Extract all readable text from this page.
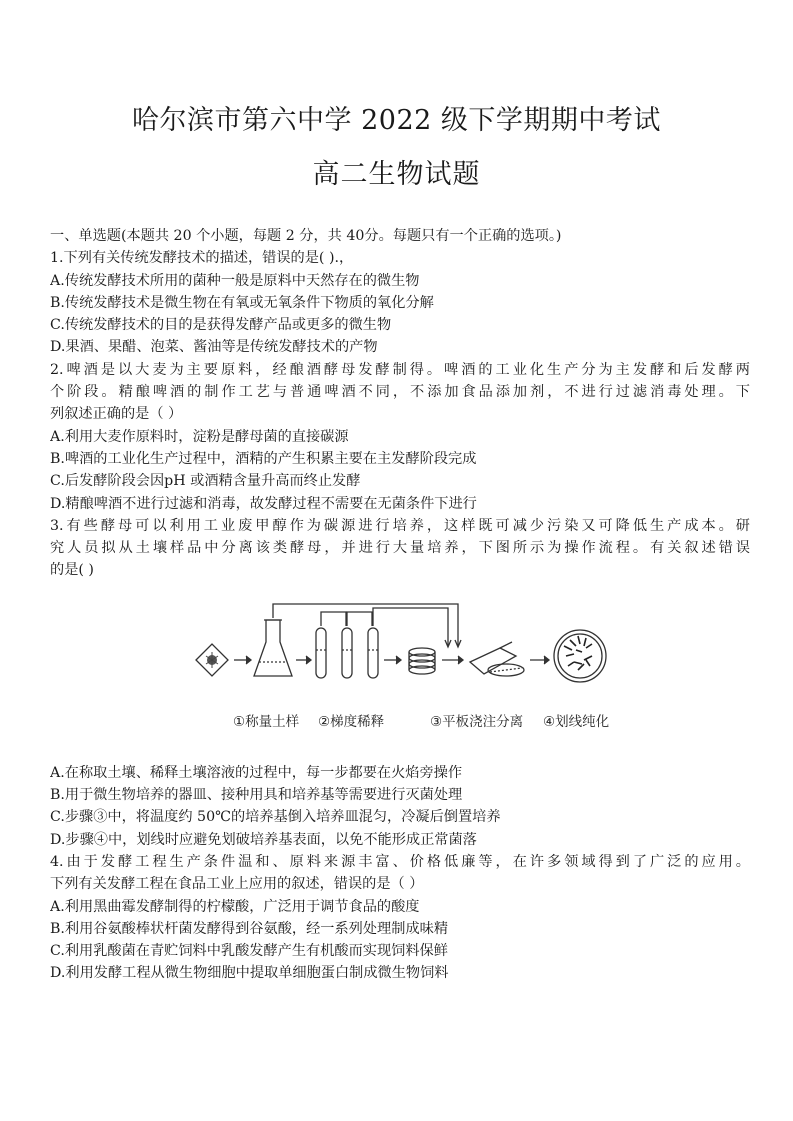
哈尔滨市第六中学 2022 级下学期期中考试
高二生物试题
一、单选题(本题共 20 个小题，每题 2 分，共 40分。每题只有一个正确的选项。)
1.下列有关传统发酵技术的描述，错误的是( ).，
A.传统发酵技术所用的菌种一般是原料中天然存在的微生物
B.传统发酵技术是微生物在有氧或无氧条件下物质的氧化分解
C.传统发酵技术的目的是获得发酵产品或更多的微生物
D.果酒、果醋、泡菜、酱油等是传统发酵技术的产物
2.啤酒是以大麦为主要原料，经酿酒酵母发酵制得。啤酒的工业化生产分为主发酵和后发酵两
个阶段。精酿啤酒的制作工艺与普通啤酒不同，不添加食品添加剂，不进行过滤消毒处理。下
列叙述正确的是（ ）
A.利用大麦作原料时，淀粉是酵母菌的直接碳源
B.啤酒的工业化生产过程中，酒精的产生积累主要在主发酵阶段完成
C.后发酵阶段会因pH 或酒精含量升高而终止发酵
D.精酿啤酒不进行过滤和消毒，故发酵过程不需要在无菌条件下进行
3.有些酵母可以利用工业废甲醇作为碳源进行培养，这样既可减少污染又可降低生产成本。研
究人员拟从土壤样品中分离该类酵母，并进行大量培养，下图所示为操作流程。有关叙述错误
的是( )
①称量土样 ②梯度稀释	③平板浇注分离 ④划线纯化
A.在称取土壤、稀释土壤溶液的过程中，每一步都要在火焰旁操作
B.用于微生物培养的器皿、接种用具和培养基等需要进行灭菌处理
C.步骤③中，将温度约 50℃的培养基倒入培养皿混匀，冷凝后倒置培养
D.步骤④中，划线时应避免划破培养基表面，以免不能形成正常菌落
4.由于发酵工程生产条件温和、原料来源丰富、价格低廉等，在许多领域得到了广泛的应用。
下列有关发酵工程在食品工业上应用的叙述，错误的是（ ）
A.利用黑曲霉发酵制得的柠檬酸，广泛用于调节食品的酸度
B.利用谷氨酸棒状杆菌发酵得到谷氨酸，经一系列处理制成味精
C.利用乳酸菌在青贮饲料中乳酸发酵产生有机酸而实现饲料保鲜
D.利用发酵工程从微生物细胞中提取单细胞蛋白制成微生物饲料
